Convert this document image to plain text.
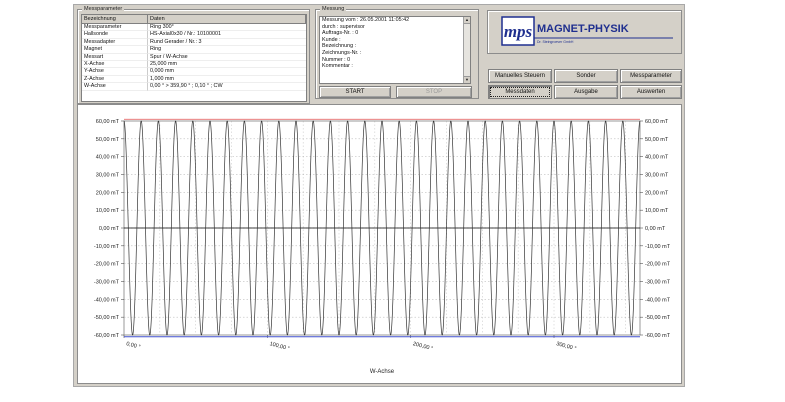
Messparameter
Bezeichnung	Daten
Messparameter	Ring 300°
Hallsonde	HS-Axial0x30 / Nr.: 10100001
Messadapter	Rund Gerader / Nr.: 3
Magnet	Ring
Messart	Spur / W-Achse
X-Achse	25,000 mm
Y-Achse	0,000 mm
Z-Achse	1,000 mm
W-Achse	0,00 ° > 359,90 ° ; 0,10 ° ; CW
Messung
Messung vom : 26.05.2001 11:05:42
durch : supervisor
Auftrags-Nr. : 0
Kunde :
Bezeichnung :
Zeichnungs-Nr. :
Nummer : 0
Kommentar :
▲
▼
START	STOP
mps MAGNET-PHYSIK
Dr. Steingroever GmbH
Manuelles Steuern	Sonder	Messparameter
Messdaten	Ausgabe	Auswerten
60,00 mT	60,00 mT
50,00 mT	50,00 mT
40,00 mT	40,00 mT
30,00 mT	30,00 mT
20,00 mT	20,00 mT
10,00 mT	10,00 mT
0,00 mT	0,00 mT
-10,00 mT	-10,00 mT
-20,00 mT	-20,00 mT
-30,00 mT	-30,00 mT
-40,00 mT	-40,00 mT
-50,00 mT	-50,00 mT
-60,00 mT	-60,00 mT
0,00 °	100,00 °	200,00 °	300,00 °
W-Achse
